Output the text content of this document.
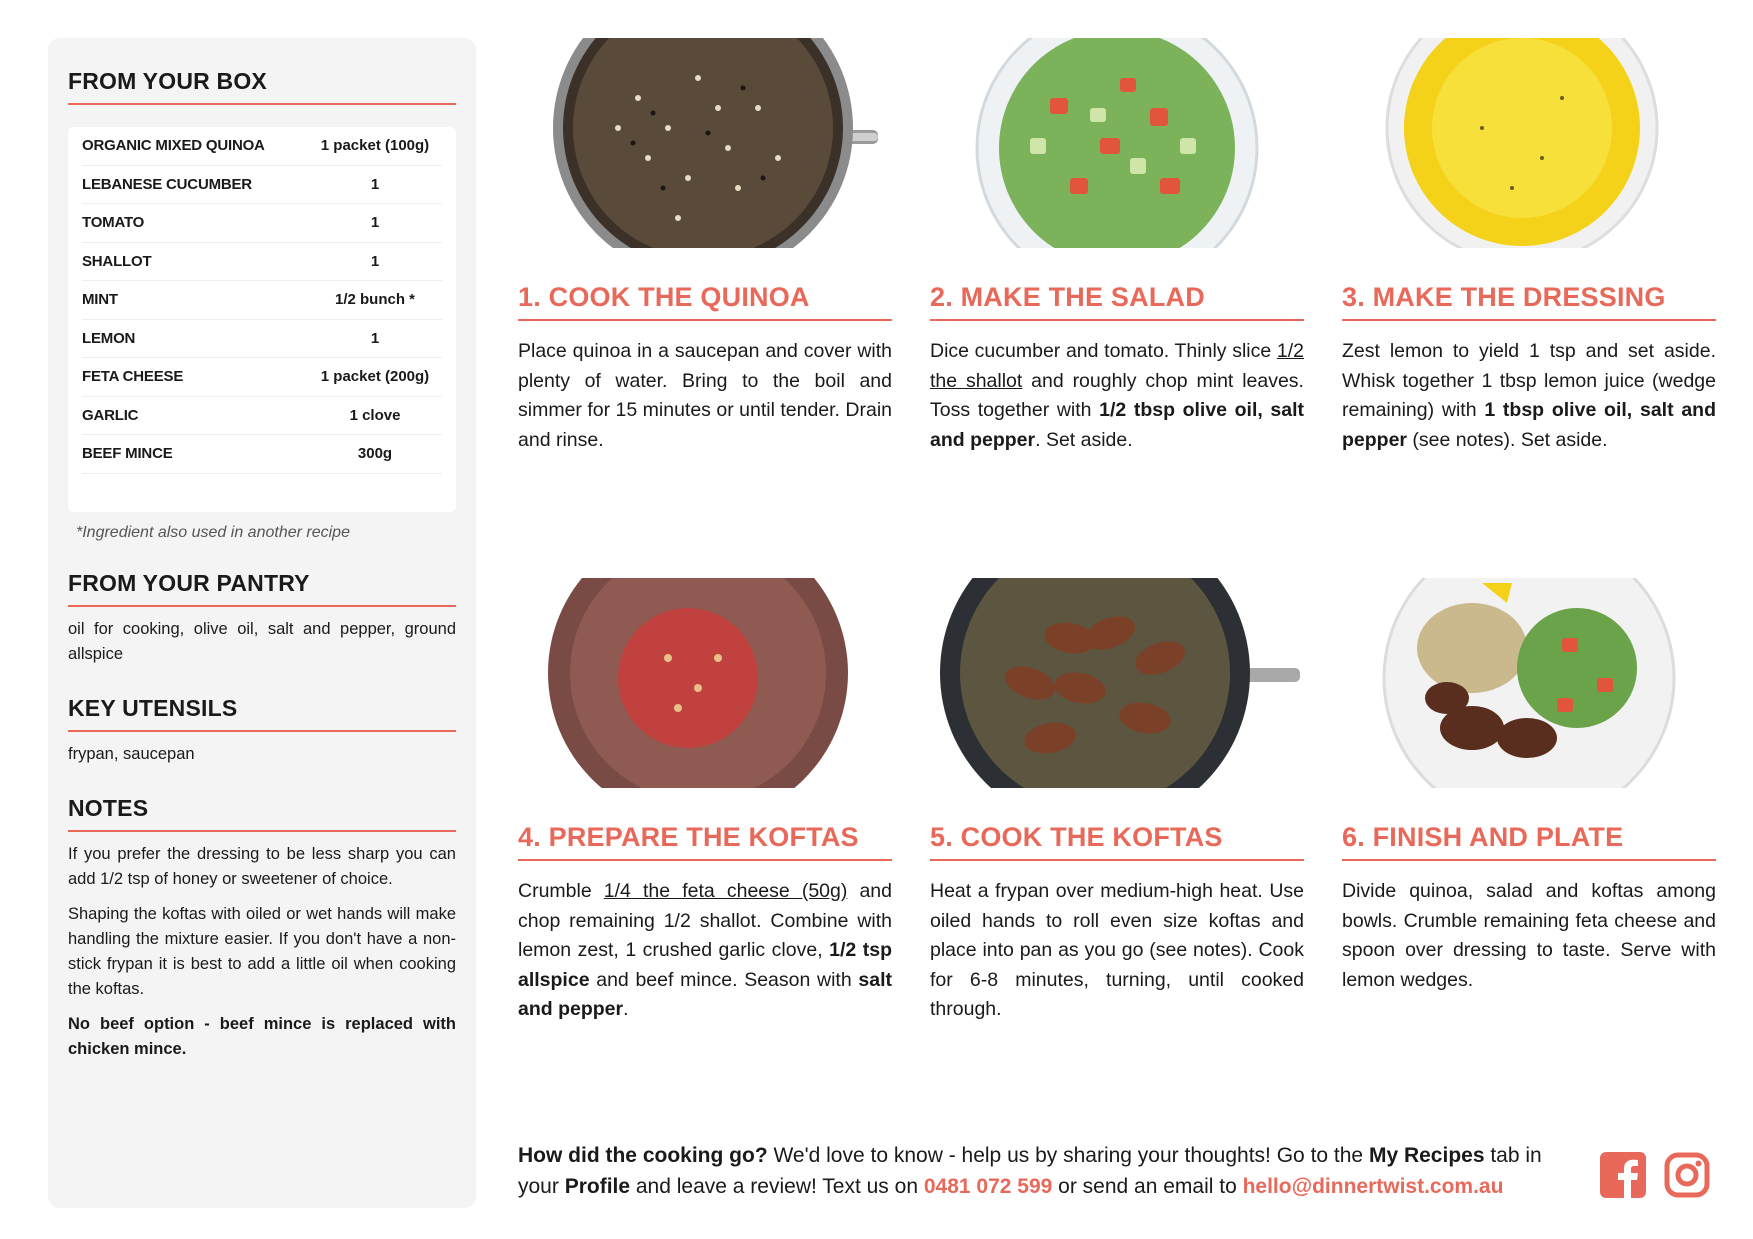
FROM YOUR BOX
ORGANIC MIXED QUINOA	1 packet (100g)
LEBANESE CUCUMBER	1
TOMATO	1
SHALLOT	1
MINT	1/2 bunch *
LEMON	1
FETA CHEESE	1 packet (200g)
GARLIC	1 clove
BEEF MINCE	300g
*Ingredient also used in another recipe
FROM YOUR PANTRY
oil for cooking, olive oil, salt and pepper, ground allspice
KEY UTENSILS
frypan, saucepan
NOTES
If you prefer the dressing to be less sharp you can add 1/2 tsp of honey or sweetener of choice.
Shaping the koftas with oiled or wet hands will make handling the mixture easier. If you don't have a non-stick frypan it is best to add a little oil when cooking the koftas.
No beef option - beef mince is replaced with chicken mince.
1. COOK THE QUINOA
Place quinoa in a saucepan and cover with plenty of water. Bring to the boil and simmer for 15 minutes or until tender. Drain and rinse.
2. MAKE THE SALAD
Dice cucumber and tomato. Thinly slice 1/2 the shallot and roughly chop mint leaves. Toss together with 1/2 tbsp olive oil, salt and pepper. Set aside.
3. MAKE THE DRESSING
Zest lemon to yield 1 tsp and set aside. Whisk together 1 tbsp lemon juice (wedge remaining) with 1 tbsp olive oil, salt and pepper (see notes). Set aside.
4. PREPARE THE KOFTAS
Crumble 1/4 the feta cheese (50g) and chop remaining 1/2 shallot. Combine with lemon zest, 1 crushed garlic clove, 1/2 tsp allspice and beef mince. Season with salt and pepper.
5. COOK THE KOFTAS
Heat a frypan over medium-high heat. Use oiled hands to roll even size koftas and place into pan as you go (see notes). Cook for 6-8 minutes, turning, until cooked through.
6. FINISH AND PLATE
Divide quinoa, salad and koftas among bowls. Crumble remaining feta cheese and spoon over dressing to taste. Serve with lemon wedges.
How did the cooking go? We'd love to know - help us by sharing your thoughts! Go to the My Recipes tab in your Profile and leave a review! Text us on 0481 072 599 or send an email to hello@dinnertwist.com.au
